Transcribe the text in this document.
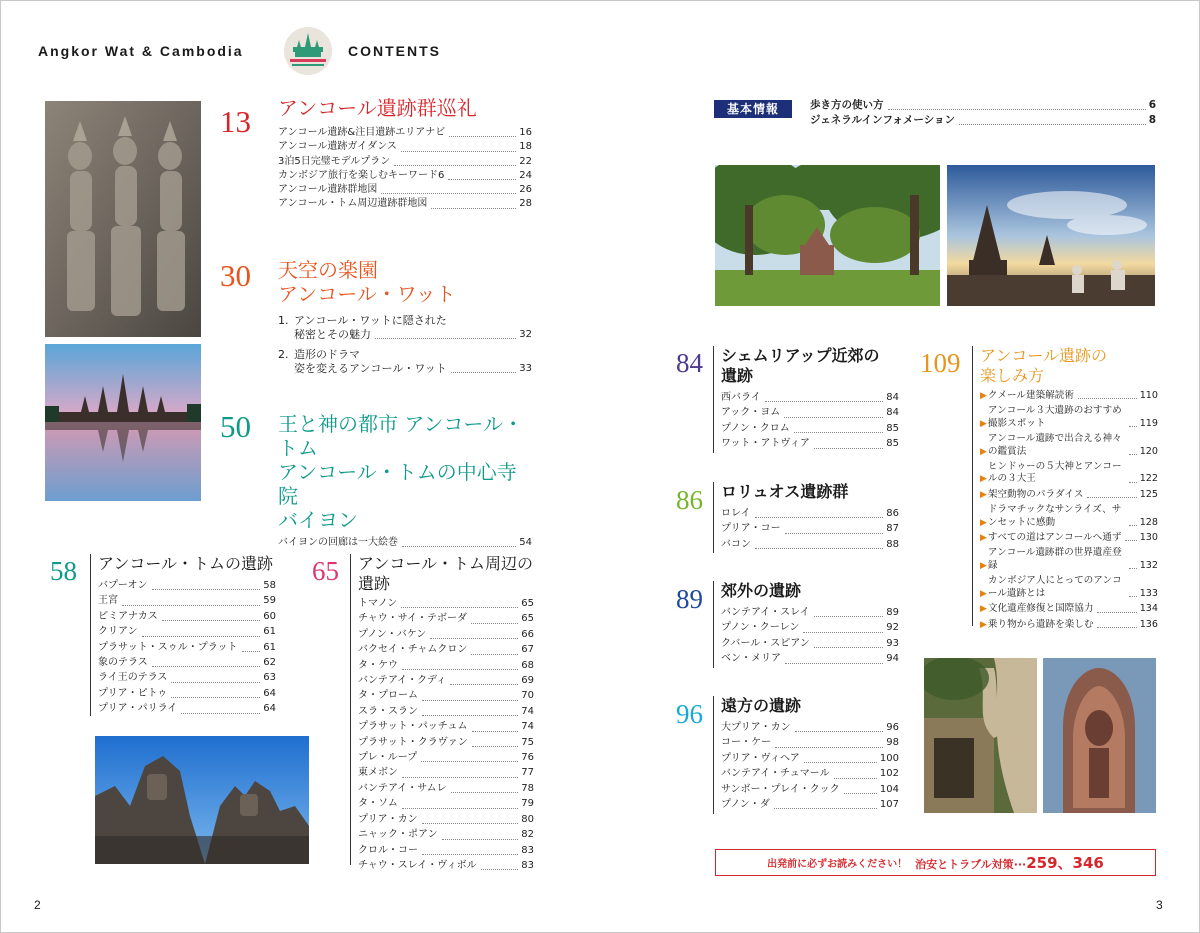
Angkor Wat & Cambodia	CONTENTS
13 アンコール遺跡群巡礼
アンコール遺跡&注目遺跡エリアナビ	16
アンコール遺跡ガイダンス	18
3泊5日完璧モデルプラン	22
カンボジア旅行を楽しむキーワード6	24
アンコール遺跡群地図	26
アンコール・トム周辺遺跡群地図	28
30 天空の楽園
アンコール・ワット
1. アンコール・ワットに隠された
秘密とその魅力	32
2. 造形のドラマ
姿を変えるアンコール・ワット	33
50 王と神の都市 アンコール・トム
アンコール・トムの中心寺院
バイヨン
バイヨンの回廊は一大絵巻	54
58	アンコール・トムの遺跡
バプーオン	58
王宮	59
ピミアナカス	60
クリアン	61
プラサット・スゥル・プラット	61
象のテラス	62
ライ王のテラス	63
プリア・ピトゥ	64
プリア・パリライ	64
65	アンコール・トム周辺の
遺跡
トマノン	65
チャウ・サイ・テボーダ	65
プノン・バケン	66
バクセイ・チャムクロン	67
タ・ケウ	68
バンテアイ・クディ	69
タ・プローム	70
スラ・スラン	74
プラサット・パッチュム	74
プラサット・クラヴァン	75
プレ・ループ	76
東メボン	77
バンテアイ・サムレ	78
タ・ソム	79
プリア・カン	80
ニャック・ポアン	82
クロル・コー	83
チャウ・スレイ・ヴィボル	83
基本情報	歩き方の使い方	6
ジェネラルインフォメーション	8
84	シェムリアップ近郊の
遺跡
西バライ	84
アック・ヨム	84
プノン・クロム	85
ワット・アトヴィア	85
86	ロリュオス遺跡群
ロレイ	86
プリア・コー	87
バコン	88
89	郊外の遺跡
バンテアイ・スレイ	89
プノン・クーレン	92
クバール・スピアン	93
ベン・メリア	94
96	遠方の遺跡
大プリア・カン	96
コー・ケー	98
プリア・ヴィヘア	100
バンテアイ・チュマール	102
サンボー・プレイ・クック	104
プノン・ダ	107
109	アンコール遺跡の
楽しみ方
▶ クメール建築解読術	110
▶
アンコール３大遺跡のおすすめ撮影スポット	119
▶
アンコール遺跡で出合える神々の鑑賞法	120
▶
ヒンドゥーの５大神とアンコールの３大王	122
▶ 架空動物のパラダイス	125
▶
ドラマチックなサンライズ、サンセットに感動	128
▶ すべての道はアンコールへ通ず 130
▶
アンコール遺跡群の世界遺産登録	132
▶
カンボジア人にとってのアンコール遺跡とは	133
▶ 文化遺産修復と国際協力	134
▶ 乗り物から遺跡を楽しむ	136
出発前に必ずお読みください！ 治安とトラブル対策···259、346
2	3
